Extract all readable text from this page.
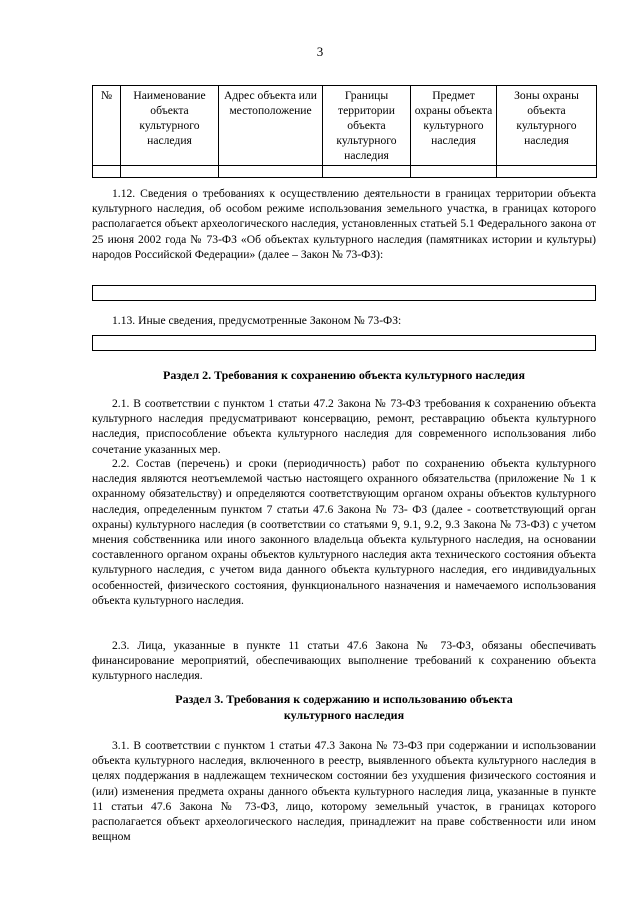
3
№	Наименование объекта культурного наследия	Адрес объекта или местоположение	Границы территории объекта культурного наследия	Предмет охраны объекта культурного наследия	Зоны охраны объекта культурного наследия

1.12. Сведения о требованиях к осуществлению деятельности в границах территории объекта культурного наследия, об особом режиме использования земельного участка, в границах которого располагается объект археологического наследия, установленных статьей 5.1 Федерального закона от 25 июня 2002 года № 73-ФЗ «Об объектах культурного наследия (памятниках истории и культуры) народов Российской Федерации» (далее – Закон № 73-ФЗ):

1.13. Иные сведения, предусмотренные Законом № 73-ФЗ:

Раздел 2. Требования к сохранению объекта культурного наследия

2.1. В соответствии с пунктом 1 статьи 47.2 Закона № 73-ФЗ требования к сохранению объекта культурного наследия предусматривают консервацию, ремонт, реставрацию объекта культурного наследия, приспособление объекта культурного наследия для современного использования либо сочетание указанных мер.

2.2. Состав (перечень) и сроки (периодичность) работ по сохранению объекта культурного наследия являются неотъемлемой частью настоящего охранного обязательства (приложение № 1 к охранному обязательству) и определяются соответствующим органом охраны объектов культурного наследия, определенным пунктом 7 статьи 47.6 Закона № 73- ФЗ (далее - соответствующий орган охраны) культурного наследия (в соответствии со статьями 9, 9.1, 9.2, 9.3 Закона № 73-ФЗ) с учетом мнения собственника или иного законного владельца объекта культурного наследия, на основании составленного органом охраны объектов культурного наследия акта технического состояния объекта культурного наследия, с учетом вида данного объекта культурного наследия, его индивидуальных особенностей, физического состояния, функционального назначения и намечаемого использования объекта культурного наследия.

2.3. Лица, указанные в пункте 11 статьи 47.6 Закона № 73-ФЗ, обязаны обеспечивать финансирование мероприятий, обеспечивающих выполнение требований к сохранению объекта культурного наследия.

Раздел 3. Требования к содержанию и использованию объекта
культурного наследия

3.1. В соответствии с пунктом 1 статьи 47.3 Закона № 73-ФЗ при содержании и использовании объекта культурного наследия, включенного в реестр, выявленного объекта культурного наследия в целях поддержания в надлежащем техническом состоянии без ухудшения физического состояния и (или) изменения предмета охраны данного объекта культурного наследия лица, указанные в пункте 11 статьи 47.6 Закона № 73-ФЗ, лицо, которому земельный участок, в границах которого располагается объект археологического наследия, принадлежит на праве собственности или ином вещном
